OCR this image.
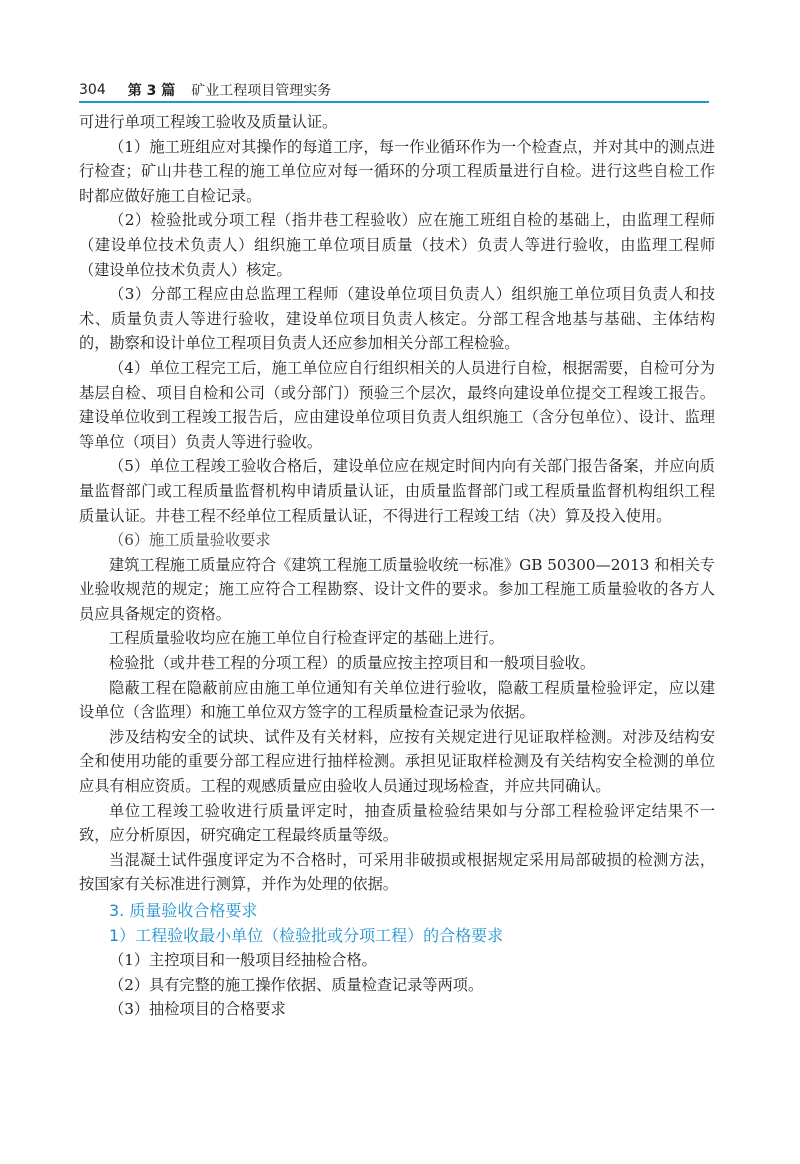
304 第 3 篇 矿业工程项目管理实务

可进行单项工程竣工验收及质量认证。

（1）施工班组应对其操作的每道工序，每一作业循环作为一个检查点，并对其中的测点进行检查；矿山井巷工程的施工单位应对每一循环的分项工程质量进行自检。进行这些自检工作时都应做好施工自检记录。

（2）检验批或分项工程（指井巷工程验收）应在施工班组自检的基础上，由监理工程师（建设单位技术负责人）组织施工单位项目质量（技术）负责人等进行验收，由监理工程师（建设单位技术负责人）核定。

（3）分部工程应由总监理工程师（建设单位项目负责人）组织施工单位项目负责人和技术、质量负责人等进行验收，建设单位项目负责人核定。分部工程含地基与基础、主体结构的，勘察和设计单位工程项目负责人还应参加相关分部工程检验。

（4）单位工程完工后，施工单位应自行组织相关的人员进行自检，根据需要，自检可分为基层自检、项目自检和公司（或分部门）预验三个层次，最终向建设单位提交工程竣工报告。建设单位收到工程竣工报告后，应由建设单位项目负责人组织施工（含分包单位）、设计、监理等单位（项目）负责人等进行验收。

（5）单位工程竣工验收合格后，建设单位应在规定时间内向有关部门报告备案，并应向质量监督部门或工程质量监督机构申请质量认证，由质量监督部门或工程质量监督机构组织工程质量认证。井巷工程不经单位工程质量认证，不得进行工程竣工结（决）算及投入使用。

（6）施工质量验收要求

建筑工程施工质量应符合《建筑工程施工质量验收统一标准》GB 50300—2013 和相关专业验收规范的规定；施工应符合工程勘察、设计文件的要求。参加工程施工质量验收的各方人员应具备规定的资格。

工程质量验收均应在施工单位自行检查评定的基础上进行。

检验批（或井巷工程的分项工程）的质量应按主控项目和一般项目验收。

隐蔽工程在隐蔽前应由施工单位通知有关单位进行验收，隐蔽工程质量检验评定，应以建设单位（含监理）和施工单位双方签字的工程质量检查记录为依据。

涉及结构安全的试块、试件及有关材料，应按有关规定进行见证取样检测。对涉及结构安全和使用功能的重要分部工程应进行抽样检测。承担见证取样检测及有关结构安全检测的单位应具有相应资质。工程的观感质量应由验收人员通过现场检查，并应共同确认。

单位工程竣工验收进行质量评定时，抽查质量检验结果如与分部工程检验评定结果不一致，应分析原因，研究确定工程最终质量等级。

当混凝土试件强度评定为不合格时，可采用非破损或根据规定采用局部破损的检测方法，按国家有关标准进行测算，并作为处理的依据。

3. 质量验收合格要求

1）工程验收最小单位（检验批或分项工程）的合格要求

（1）主控项目和一般项目经抽检合格。

（2）具有完整的施工操作依据、质量检查记录等两项。

（3）抽检项目的合格要求
